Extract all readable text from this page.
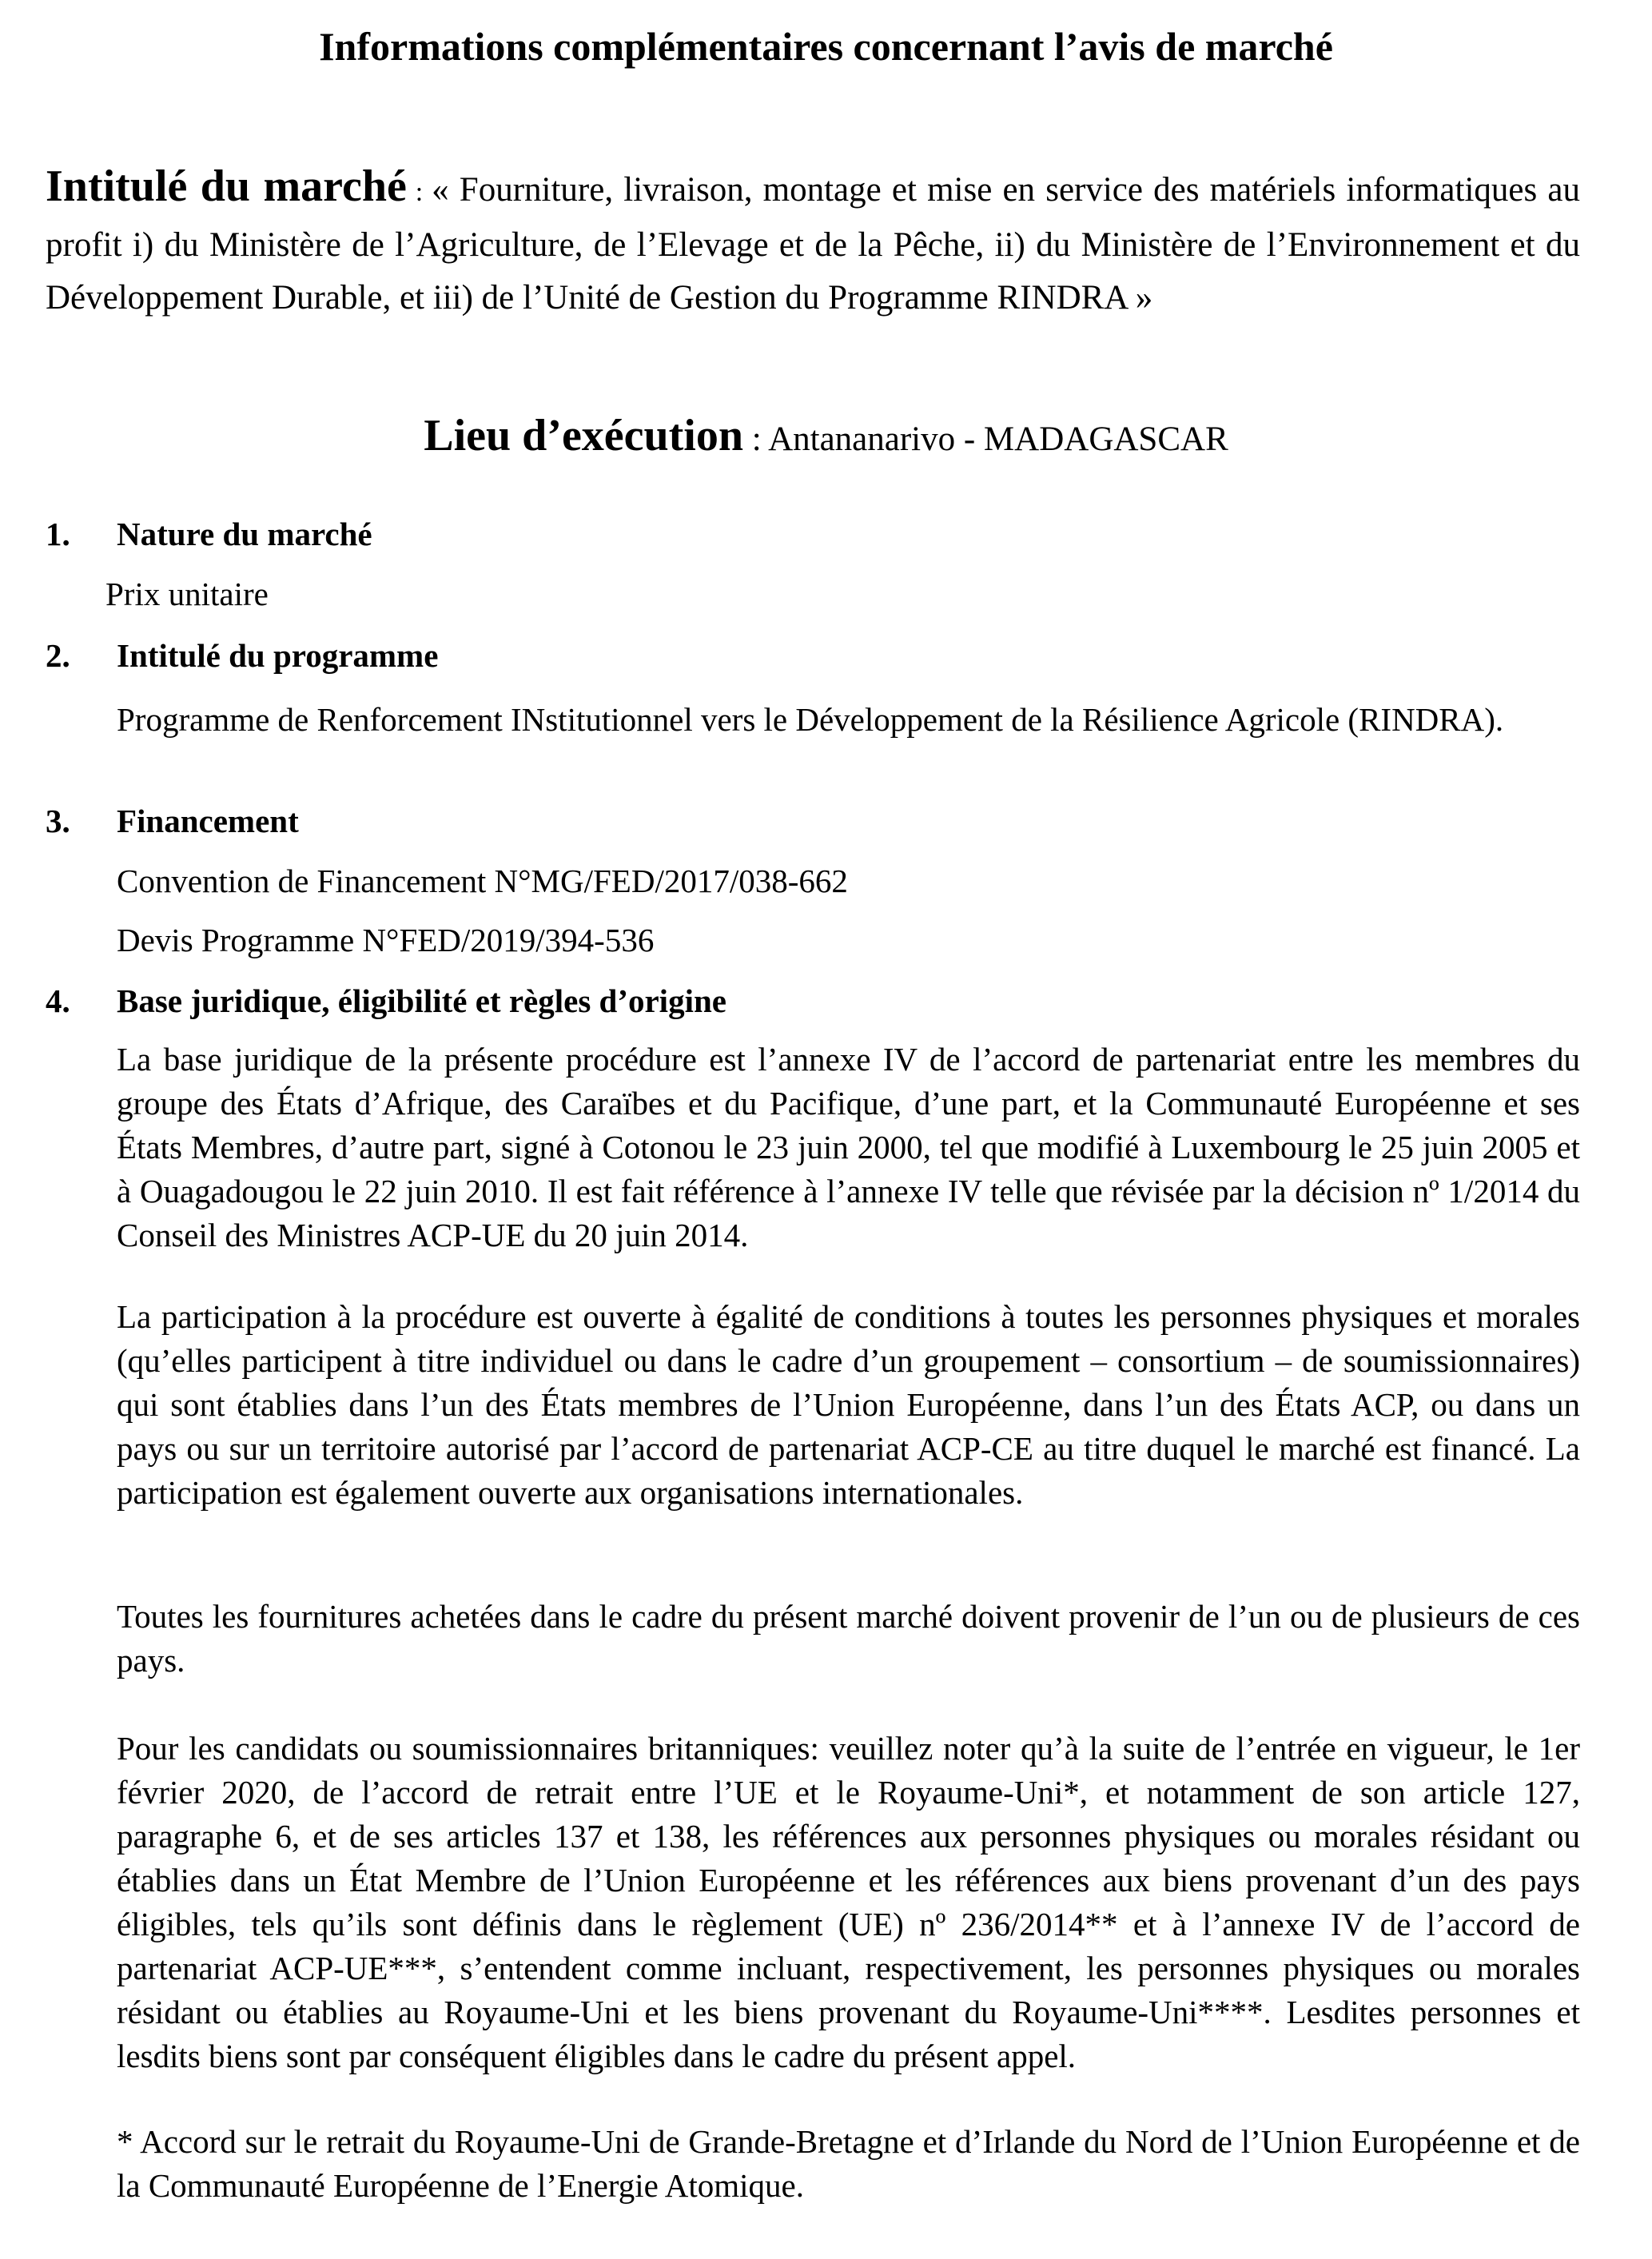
Informations complémentaires concernant l’avis de marché

Intitulé du marché : « Fourniture, livraison, montage et mise en service des matériels informatiques au profit i) du Ministère de l’Agriculture, de l’Elevage et de la Pêche, ii) du Ministère de l’Environnement et du Développement Durable, et iii) de l’Unité de Gestion du Programme RINDRA »

Lieu d’exécution : Antananarivo - MADAGASCAR

1. Nature du marché
Prix unitaire
2. Intitulé du programme

Programme de Renforcement INstitutionnel vers le Développement de la Résilience Agricole (RINDRA).

3. Financement
Convention de Financement N°MG/FED/2017/038-662
Devis Programme N°FED/2019/394-536
4. Base juridique, éligibilité et règles d’origine

La base juridique de la présente procédure est l’annexe IV de l’accord de partenariat entre les membres du groupe des États d’Afrique, des Caraïbes et du Pacifique, d’une part, et la Communauté Européenne et ses États Membres, d’autre part, signé à Cotonou le 23 juin 2000, tel que modifié à Luxembourg le 25 juin 2005 et à Ouagadougou le 22 juin 2010. Il est fait référence à l’annexe IV telle que révisée par la décision nº 1/2014 du Conseil des Ministres ACP-UE du 20 juin 2014.

La participation à la procédure est ouverte à égalité de conditions à toutes les personnes physiques et morales (qu’elles participent à titre individuel ou dans le cadre d’un groupement – consortium – de soumissionnaires) qui sont établies dans l’un des États membres de l’Union Européenne, dans l’un des États ACP, ou dans un pays ou sur un territoire autorisé par l’accord de partenariat ACP-CE au titre duquel le marché est financé. La participation est également ouverte aux organisations internationales.

Toutes les fournitures achetées dans le cadre du présent marché doivent provenir de l’un ou de plusieurs de ces pays.

Pour les candidats ou soumissionnaires britanniques: veuillez noter qu’à la suite de l’entrée en vigueur, le 1er février 2020, de l’accord de retrait entre l’UE et le Royaume-Uni*, et notamment de son article 127, paragraphe 6, et de ses articles 137 et 138, les références aux personnes physiques ou morales résidant ou établies dans un État Membre de l’Union Européenne et les références aux biens provenant d’un des pays éligibles, tels qu’ils sont définis dans le règlement (UE) nº 236/2014** et à l’annexe IV de l’accord de partenariat ACP-UE***, s’entendent comme incluant, respectivement, les personnes physiques ou morales résidant ou établies au Royaume-Uni et les biens provenant du Royaume-Uni****. Lesdites personnes et lesdits biens sont par conséquent éligibles dans le cadre du présent appel.

* Accord sur le retrait du Royaume-Uni de Grande-Bretagne et d’Irlande du Nord de l’Union Européenne et de la Communauté Européenne de l’Energie Atomique.
